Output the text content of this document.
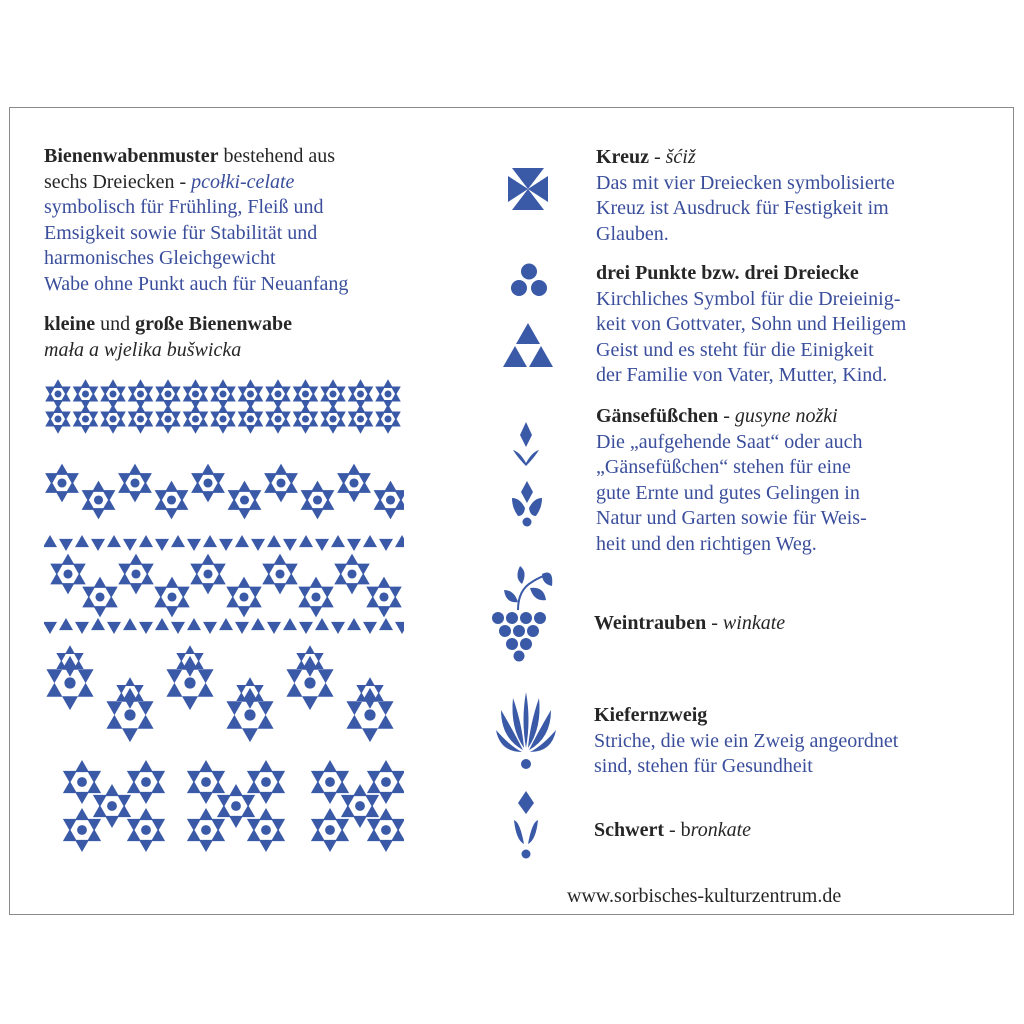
Bienenwabenmuster bestehend aus
sechs Dreiecken - pcołki-celate
symbolisch für Frühling, Fleiß und
Emsigkeit sowie für Stabilität und
harmonisches Gleichgewicht
Wabe ohne Punkt auch für Neuanfang
kleine und große Bienenwabe
mała a wjelika bušwicka
Kreuz - šćiž
Das mit vier Dreiecken symbolisierte
Kreuz ist Ausdruck für Festigkeit im
Glauben.
drei Punkte bzw. drei Dreiecke
Kirchliches Symbol für die Dreieinig-
keit von Gottvater, Sohn und Heiligem
Geist und es steht für die Einigkeit
der Familie von Vater, Mutter, Kind.
Gänsefüßchen - gusyne nožki
Die „aufgehende Saat“ oder auch
„Gänsefüßchen“ stehen für eine
gute Ernte und gutes Gelingen in
Natur und Garten sowie für Weis-
heit und den richtigen Weg.
Weintrauben - winkate
Kiefernzweig
Striche, die wie ein Zweig angeordnet
sind, stehen für Gesundheit
Schwert - bronkate
www.sorbisches-kulturzentrum.de
